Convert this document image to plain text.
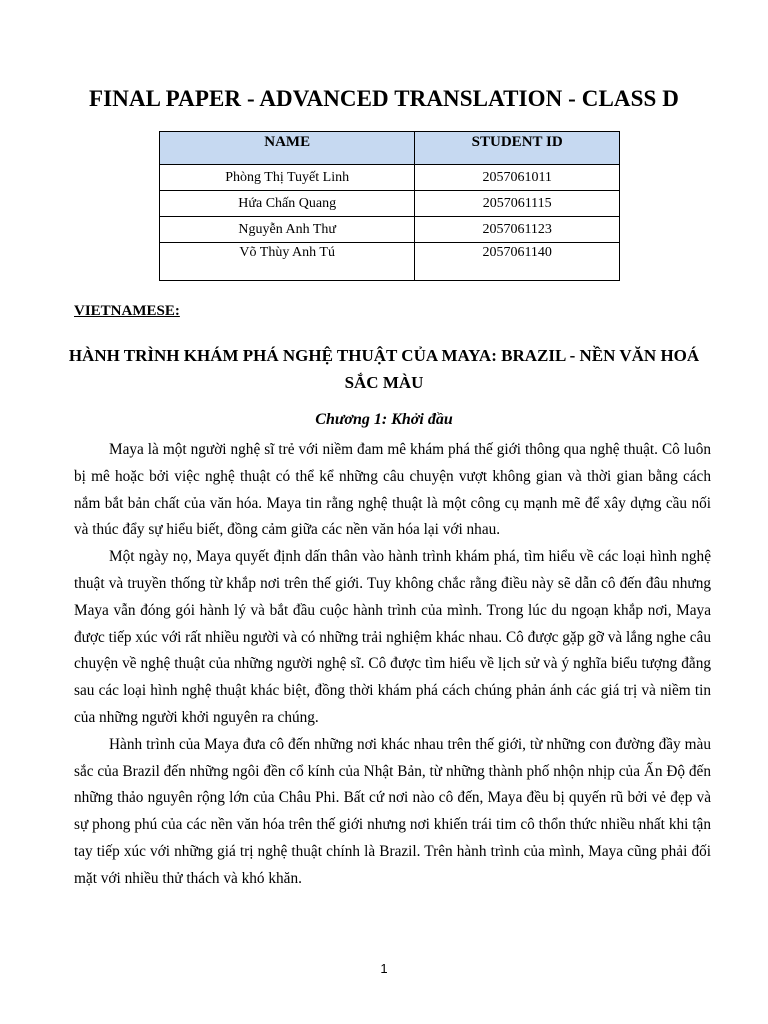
FINAL PAPER - ADVANCED TRANSLATION - CLASS D
NAME	STUDENT ID
Phòng Thị Tuyết Linh	2057061011
Hứa Chấn Quang	2057061115
Nguyễn Anh Thư	2057061123
Võ Thùy Anh Tú	2057061140
VIETNAMESE:
HÀNH TRÌNH KHÁM PHÁ NGHỆ THUẬT CỦA MAYA: BRAZIL - NỀN VĂN HOÁ SẮC MÀU
Chương 1: Khởi đầu

Maya là một người nghệ sĩ trẻ với niềm đam mê khám phá thế giới thông qua nghệ thuật. Cô luôn bị mê hoặc bởi việc nghệ thuật có thể kể những câu chuyện vượt không gian và thời gian bằng cách nắm bắt bản chất của văn hóa. Maya tin rằng nghệ thuật là một công cụ mạnh mẽ để xây dựng cầu nối và thúc đẩy sự hiểu biết, đồng cảm giữa các nền văn hóa lại với nhau.

Một ngày nọ, Maya quyết định dấn thân vào hành trình khám phá, tìm hiểu về các loại hình nghệ thuật và truyền thống từ khắp nơi trên thế giới. Tuy không chắc rằng điều này sẽ dẫn cô đến đâu nhưng Maya vẫn đóng gói hành lý và bắt đầu cuộc hành trình của mình. Trong lúc du ngoạn khắp nơi, Maya được tiếp xúc với rất nhiều người và có những trải nghiệm khác nhau. Cô được gặp gỡ và lắng nghe câu chuyện về nghệ thuật của những người nghệ sĩ. Cô được tìm hiểu về lịch sử và ý nghĩa biểu tượng đằng sau các loại hình nghệ thuật khác biệt, đồng thời khám phá cách chúng phản ánh các giá trị và niềm tin của những người khởi nguyên ra chúng.

Hành trình của Maya đưa cô đến những nơi khác nhau trên thế giới, từ những con đường đầy màu sắc của Brazil đến những ngôi đền cổ kính của Nhật Bản, từ những thành phố nhộn nhịp của Ấn Độ đến những thảo nguyên rộng lớn của Châu Phi. Bất cứ nơi nào cô đến, Maya đều bị quyến rũ bởi vẻ đẹp và sự phong phú của các nền văn hóa trên thế giới nhưng nơi khiến trái tim cô thổn thức nhiều nhất khi tận tay tiếp xúc với những giá trị nghệ thuật chính là Brazil. Trên hành trình của mình, Maya cũng phải đối mặt với nhiều thử thách và khó khăn.

1
